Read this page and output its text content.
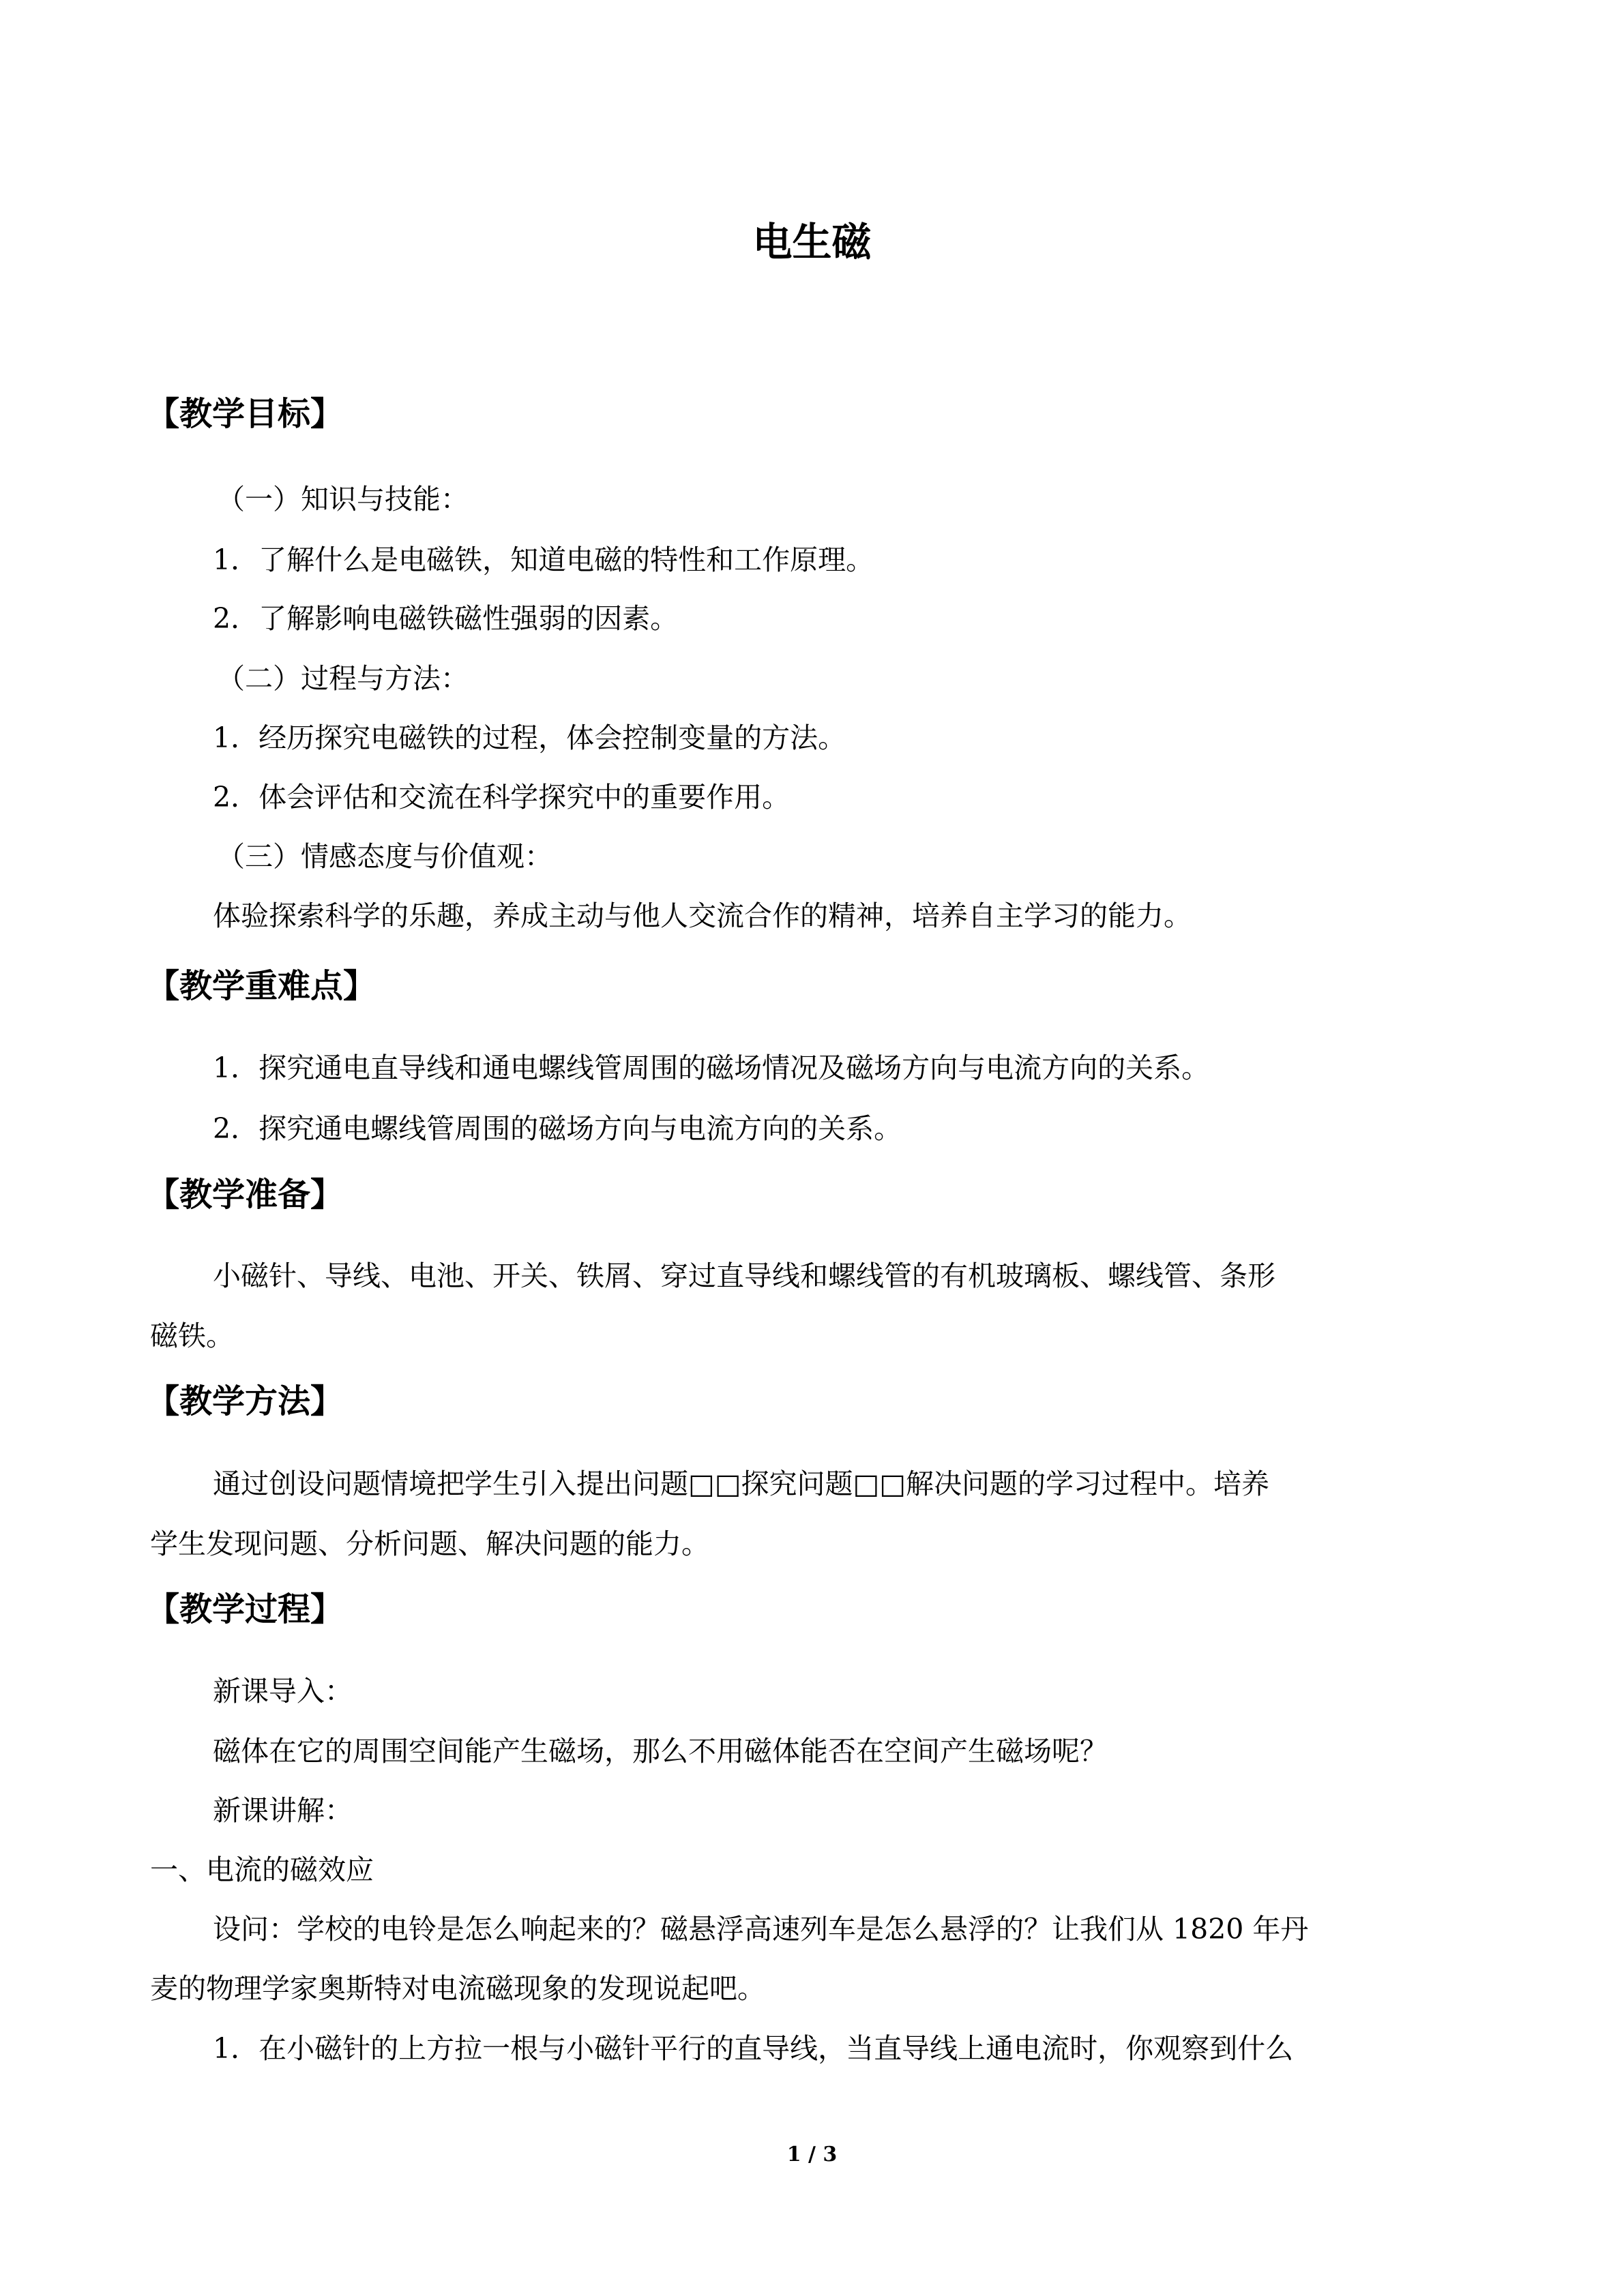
电生磁
【教学目标】

（一）知识与技能：

1．了解什么是电磁铁，知道电磁的特性和工作原理。

2．了解影响电磁铁磁性强弱的因素。

（二）过程与方法：

1．经历探究电磁铁的过程，体会控制变量的方法。

2．体会评估和交流在科学探究中的重要作用。

（三）情感态度与价值观：

体验探索科学的乐趣，养成主动与他人交流合作的精神，培养自主学习的能力。

【教学重难点】

1．探究通电直导线和通电螺线管周围的磁场情况及磁场方向与电流方向的关系。

2．探究通电螺线管周围的磁场方向与电流方向的关系。

【教学准备】

小磁针、导线、电池、开关、铁屑、穿过直导线和螺线管的有机玻璃板、螺线管、条形

磁铁。

【教学方法】

通过创设问题情境把学生引入提出问题□□探究问题□□解决问题的学习过程中。培养

学生发现问题、分析问题、解决问题的能力。

【教学过程】

新课导入：

磁体在它的周围空间能产生磁场，那么不用磁体能否在空间产生磁场呢？

新课讲解：

一、电流的磁效应

设问：学校的电铃是怎么响起来的？磁悬浮高速列车是怎么悬浮的？让我们从 1820 年丹

麦的物理学家奥斯特对电流磁现象的发现说起吧。

1．在小磁针的上方拉一根与小磁针平行的直导线，当直导线上通电流时，你观察到什么

1 / 3
